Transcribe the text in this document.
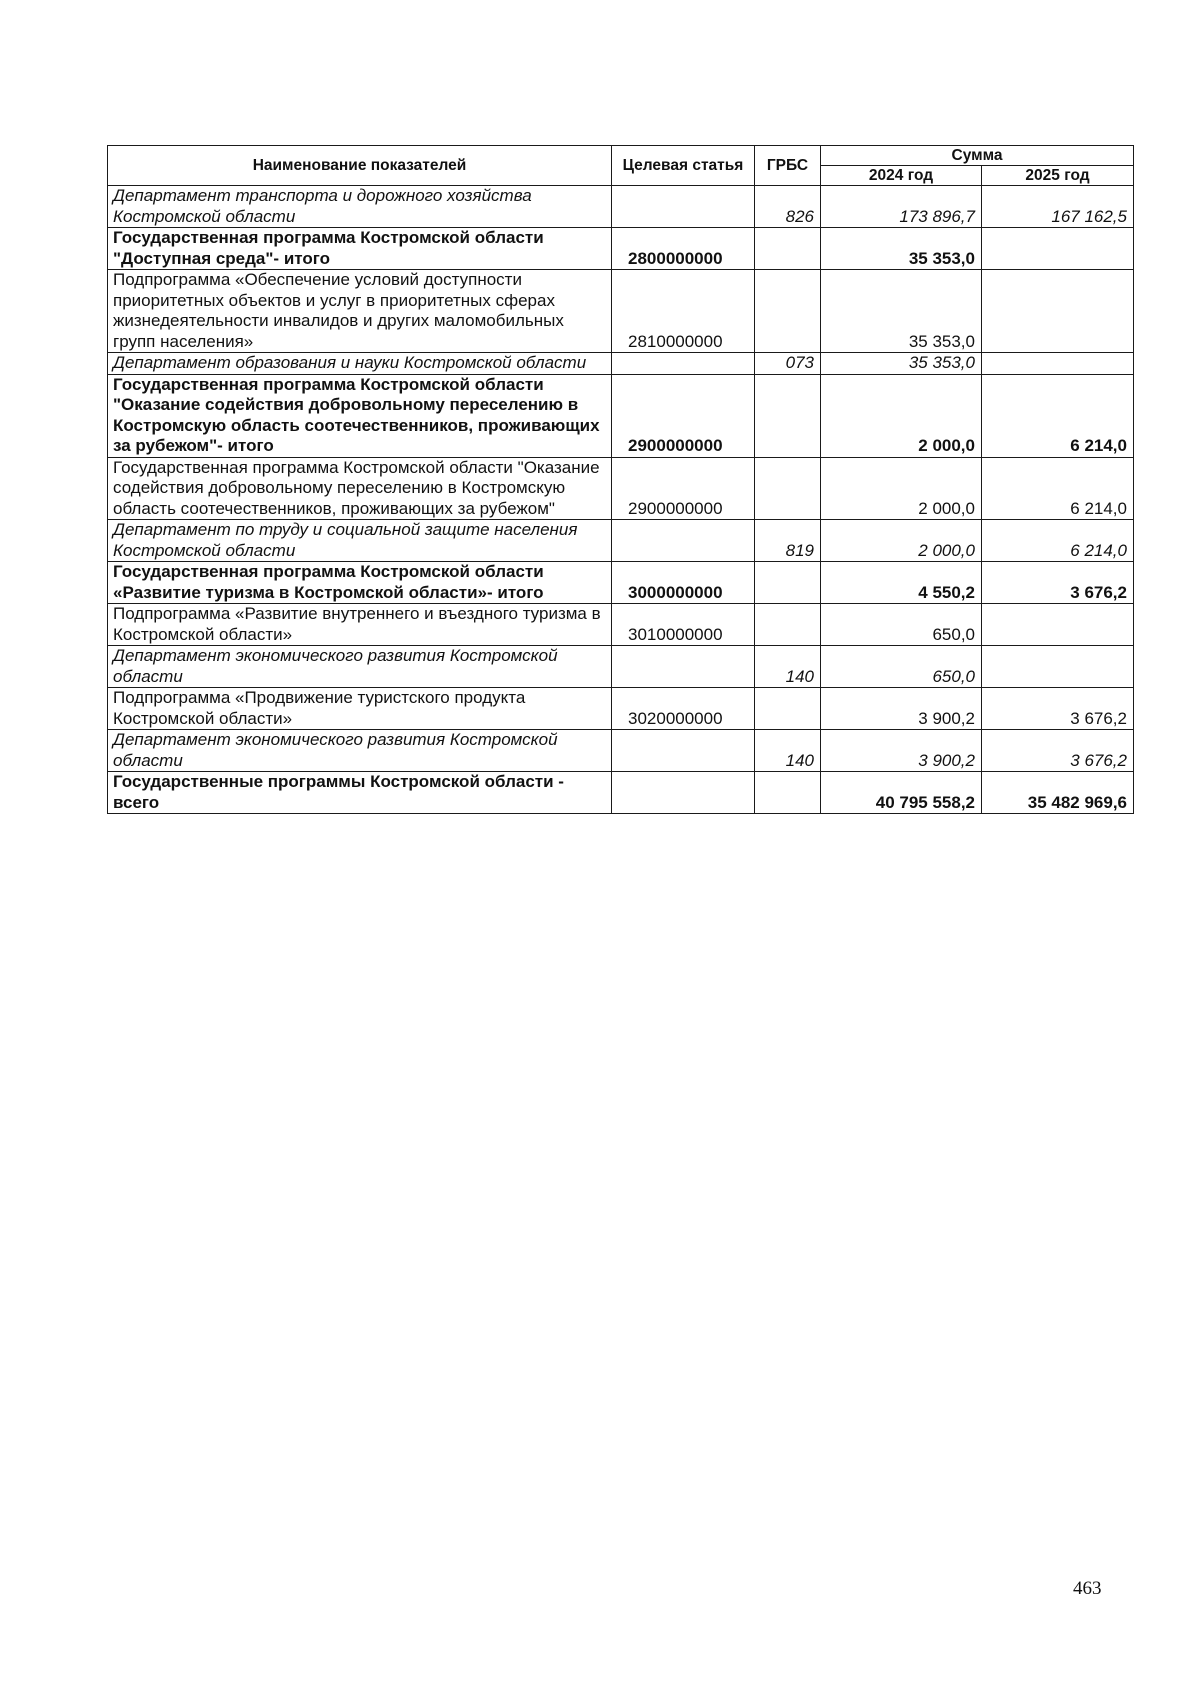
Наименование показателей	Целевая статья	ГРБС	Сумма	
			2024 год	2025 год
Департамент транспорта и дорожного хозяйства Костромской области		826	173 896,7	167 162,5
Государственная программа Костромской области "Доступная среда"- итого	2800000000		35 353,0	
Подпрограмма «Обеспечение условий доступности приоритетных объектов и услуг в приоритетных сферах жизнедеятельности инвалидов и других маломобильных групп населения»	2810000000		35 353,0	
Департамент образования и науки Костромской области		073	35 353,0	
Государственная программа Костромской области "Оказание содействия добровольному переселению в Костромскую область соотечественников, проживающих за рубежом"- итого	2900000000		2 000,0	6 214,0
Государственная программа Костромской области "Оказание содействия добровольному переселению в Костромскую область соотечественников, проживающих за рубежом"	2900000000		2 000,0	6 214,0
Департамент по труду и социальной защите населения Костромской области		819	2 000,0	6 214,0
Государственная программа Костромской области «Развитие туризма в Костромской области»- итого	3000000000		4 550,2	3 676,2
Подпрограмма «Развитие внутреннего и въездного туризма в Костромской области»	3010000000		650,0	
Департамент экономического развития Костромской области		140	650,0	
Подпрограмма «Продвижение туристского продукта Костромской области»	3020000000		3 900,2	3 676,2
Департамент экономического развития Костромской области		140	3 900,2	3 676,2
Государственные программы Костромской области - всего			40 795 558,2	35 482 969,6
463
